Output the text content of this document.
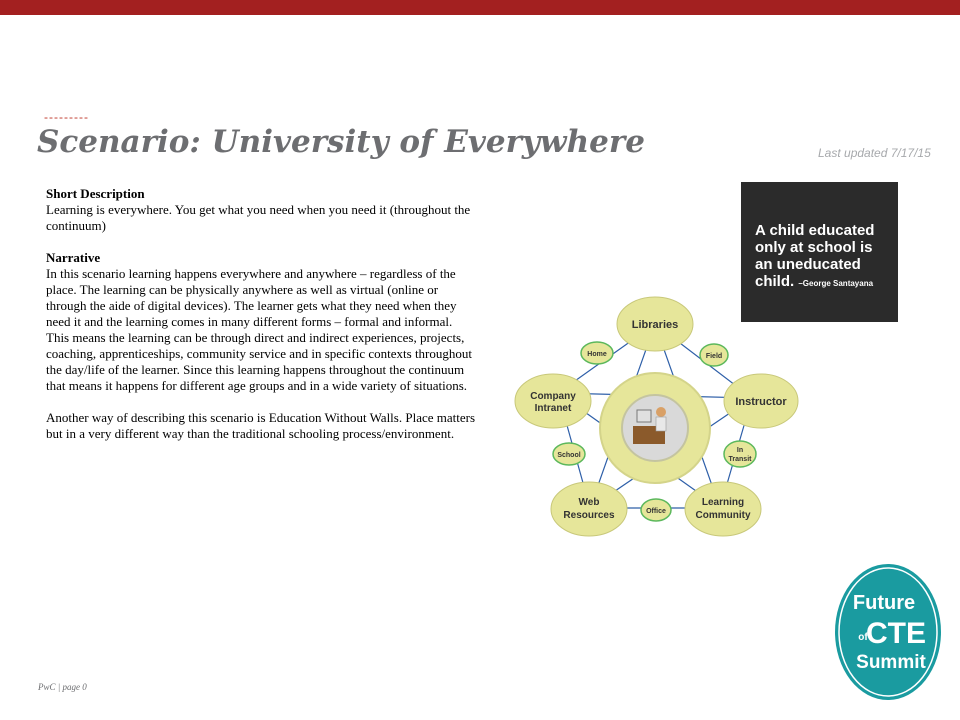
---------
Scenario: University of Everywhere	Last updated 7/17/15
Short Description

Learning is everywhere. You get what you need when you need it (throughout the continuum)

Narrative

In this scenario learning happens everywhere and anywhere – regardless of the place. The learning can be physically anywhere as well as virtual (online or through the aide of digital devices). The learner gets what they need when they need it and the learning comes in many different forms – formal and informal. This means the learning can be through direct and indirect experiences, projects, coaching, apprenticeships, community service and in specific contexts throughout the day/life of the learner. Since this learning happens throughout the continuum that means it happens for different age groups and in a wide variety of situations.

Another way of describing this scenario is Education Without Walls. Place matters but in a very different way than the traditional schooling process/environment.

A child educated only at school is an uneducated child. –George Santayana
Libraries
Company
Intranet
Instructor
Web
Resources
Learning
Community
Home	Field
School
In
Transit
Office
Future
of
CTE
Summit
PwC | page 0
